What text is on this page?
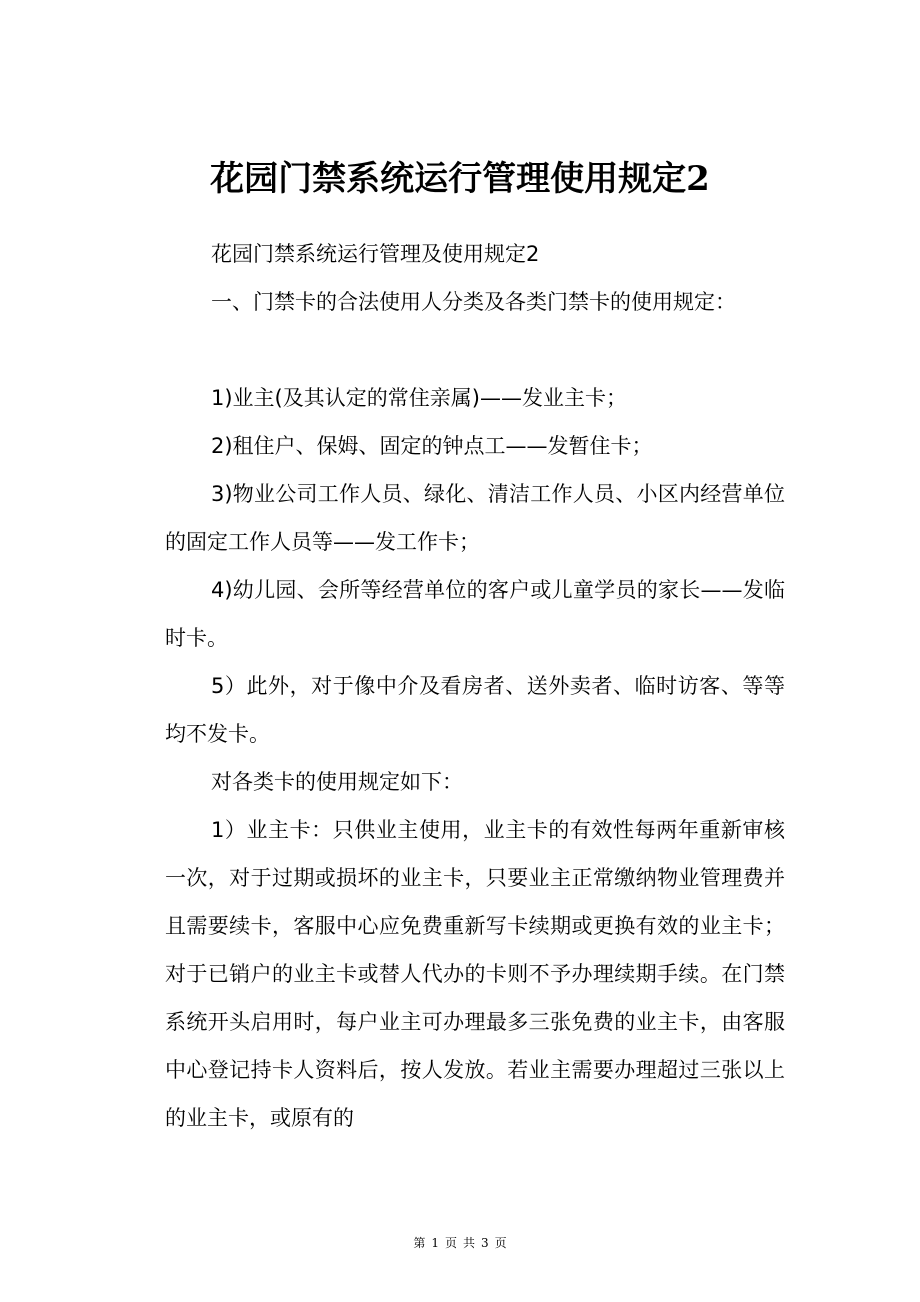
花园门禁系统运行管理使用规定2

花园门禁系统运行管理及使用规定2

一、门禁卡的合法使用人分类及各类门禁卡的使用规定：

1)业主(及其认定的常住亲属)——发业主卡；

2)租住户、保姆、固定的钟点工——发暂住卡；

3)物业公司工作人员、绿化、清洁工作人员、小区内经营单位的固定工作人员等——发工作卡；

4)幼儿园、会所等经营单位的客户或儿童学员的家长——发临时卡。

5）此外，对于像中介及看房者、送外卖者、临时访客、等等均不发卡。

对各类卡的使用规定如下：

1）业主卡：只供业主使用，业主卡的有效性每两年重新审核一次，对于过期或损坏的业主卡，只要业主正常缴纳物业管理费并且需要续卡，客服中心应免费重新写卡续期或更换有效的业主卡；对于已销户的业主卡或替人代办的卡则不予办理续期手续。在门禁系统开头启用时，每户业主可办理最多三张免费的业主卡，由客服中心登记持卡人资料后，按人发放。若业主需要办理超过三张以上的业主卡，或原有的

第 1 页 共 3 页
